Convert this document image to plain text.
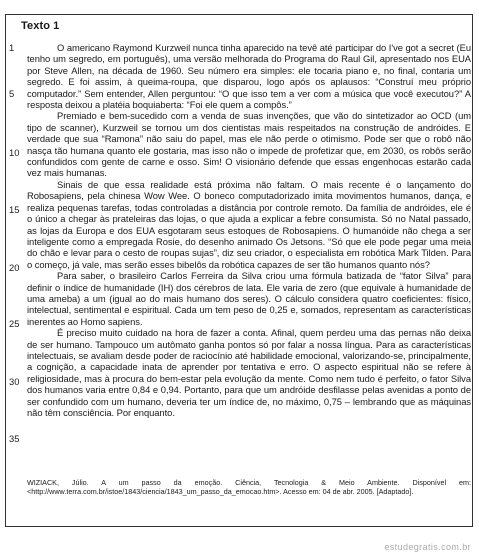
Texto 1
1
5
10
15
20
25
30
35

O americano Raymond Kurzweil nunca tinha aparecido na tevê até participar do I've got a secret (Eu tenho um segredo, em português), uma versão melhorada do Programa do Raul Gil, apresentado nos EUA por Steve Allen, na década de 1960. Seu número era simples: ele tocaria piano e, no final, contaria um segredo. E foi assim, à queima-roupa, que disparou, logo após os aplausos: “Construí meu próprio computador.” Sem entender, Allen perguntou: “O que isso tem a ver com a música que você executou?” A resposta deixou a platéia boquiaberta: “Foi ele quem a compôs.”

Premiado e bem-sucedido com a venda de suas invenções, que vão do sintetizador ao OCD (um tipo de scanner), Kurzweil se tornou um dos cientistas mais respeitados na construção de andróides. E verdade que sua “Ramona” não saiu do papel, mas ele não perde o otimismo. Pode ser que o robô não nasça tão humana quanto ele gostaria, mas isso não o impede de profetizar que, em 2030, os robôs serão confundidos com gente de carne e osso. Sim! O visionário defende que essas engenhocas estarão cada vez mais humanas.

Sinais de que essa realidade está próxima não faltam. O mais recente é o lançamento do Robosapiens, pela chinesa Wow Wee. O boneco computadorizado imita movimentos humanos, dança, e realiza pequenas tarefas, todas controladas a distância por controle remoto. Da família de andróides, ele é o único a chegar às prateleiras das lojas, o que ajuda a explicar a febre consumista. Só no Natal passado, as lojas da Europa e dos EUA esgotaram seus estoques de Robosapiens. O humanóide não chega a ser inteligente como a empregada Rosie, do desenho animado Os Jetsons. “Só que ele pode pegar uma meia do chão e levar para o cesto de roupas sujas”, diz seu criador, o especialista em robótica Mark Tilden. Para o começo, já vale, mas serão esses bibelôs da robótica capazes de ser tão humanos quanto nós?

Para saber, o brasileiro Carlos Ferreira da Silva criou uma fórmula batizada de “fator Silva” para definir o índice de humanidade (IH) dos cérebros de lata. Ele varia de zero (que equivale à humanidade de uma ameba) a um (igual ao do mais humano dos seres). O cálculo considera quatro coeficientes: físico, intelectual, sentimental e espiritual. Cada um tem peso de 0,25 e, somados, representam as características inerentes ao Homo sapiens.

É preciso muito cuidado na hora de fazer a conta. Afinal, quem perdeu uma das pernas não deixa de ser humano. Tampouco um autômato ganha pontos só por falar a nossa língua. Para as características intelectuais, se avaliam desde poder de raciocínio até habilidade emocional, valorizando-se, principalmente, a cognição, a capacidade inata de aprender por tentativa e erro. O aspecto espiritual não se refere à religiosidade, mas à procura do bem-estar pela evolução da mente. Como nem tudo é perfeito, o fator Silva dos humanos varia entre 0,84 e 0,94. Portanto, para que um andróide desfilasse pelas avenidas a ponto de ser confundido com um humano, deveria ter um índice de, no máximo, 0,75 – lembrando que as máquinas não têm consciência. Por enquanto.

WIZIACK, Júlio. A um passo da emoção. Ciência, Tecnologia & Meio Ambiente. Disponível em: <http://www.terra.com.br/istoe/1843/ciencia/1843_um_passo_da_emocao.htm>. Acesso em: 04 de abr. 2005. [Adaptado].
estudegratis.com.br
